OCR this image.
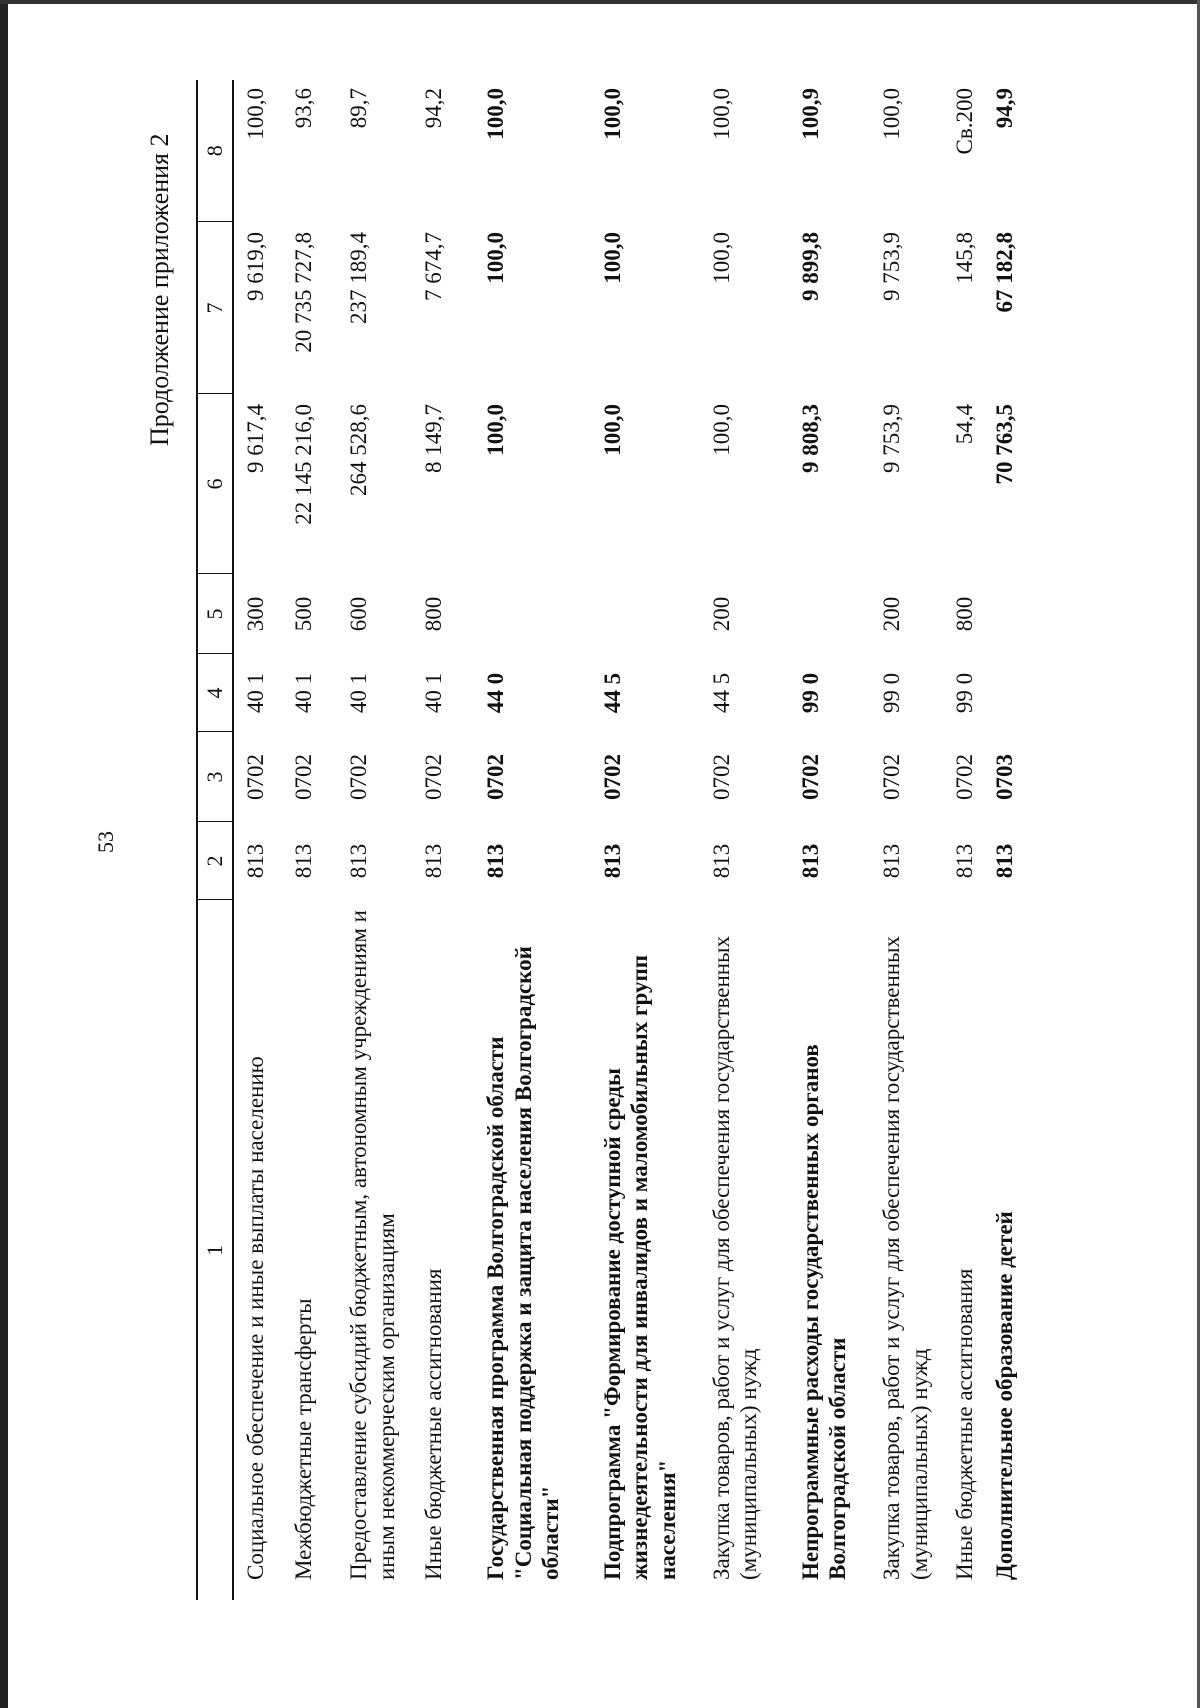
53
Продолжение приложения 2
1	2	3	4	5	6	7	8
Социальное обеспечение и иные выплаты населению	813	0702	40 1	300	9 617,4	9 619,0	100,0
Межбюджетные трансферты	813	0702	40 1	500	22 145 216,0	20 735 727,8	93,6
Предоставление субсидий бюджетным, автономным учреждениям и иным некоммерческим организациям	813	0702	40 1	600	264 528,6	237 189,4	89,7
Иные бюджетные ассигнования	813	0702	40 1	800	8 149,7	7 674,7	94,2
Государственная программа Волгоградской области "Социальная поддержка и защита населения Волгоградской области"	813	0702	44 0		100,0	100,0	100,0
Подпрограмма "Формирование доступной среды жизнедеятельности для инвалидов и маломобильных групп населения"	813	0702	44 5		100,0	100,0	100,0
Закупка товаров, работ и услуг для обеспечения государственных (муниципальных) нужд	813	0702	44 5	200	100,0	100,0	100,0
Непрограммные расходы государственных органов Волгоградской области	813	0702	99 0		9 808,3	9 899,8	100,9
Закупка товаров, работ и услуг для обеспечения государственных (муниципальных) нужд	813	0702	99 0	200	9 753,9	9 753,9	100,0
Иные бюджетные ассигнования	813	0702	99 0	800	54,4	145,8	Св.200
Дополнительное образование детей	813	0703			70 763,5	67 182,8	94,9
